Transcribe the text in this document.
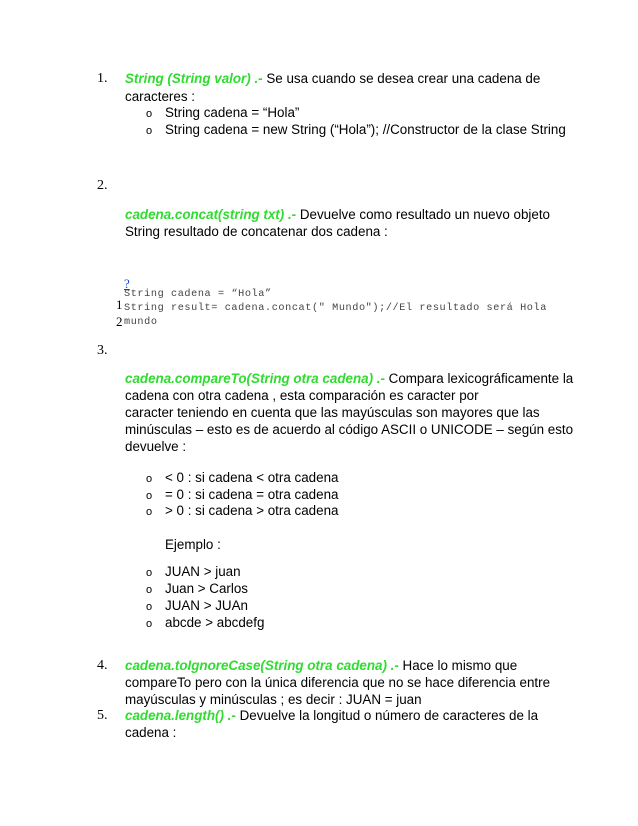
1. String (String valor) .- Se usa cuando se desea crear una cadena de
caracteres :
o String cadena = “Hola”
o String cadena = new String (“Hola”); //Constructor de la clase String
2.
cadena.concat(string txt) .- Devuelve como resultado un nuevo objeto
String resultado de concatenar dos cadena :
?
1
String cadena = “Hola”
2
String result= cadena.concat(" Mundo");//El resultado será Hola
mundo
3.
cadena.compareTo(String otra cadena) .- Compara lexicográficamente la
cadena con otra cadena , esta comparación es caracter por
caracter teniendo en cuenta que las mayúsculas son mayores que las
minúsculas – esto es de acuerdo al código ASCII o UNICODE – según esto
devuelve :
o < 0 : si cadena < otra cadena
o = 0 : si cadena = otra cadena
o > 0 : si cadena > otra cadena
Ejemplo :
o JUAN > juan
o Juan > Carlos
o JUAN > JUAn
o abcde > abcdefg
4. cadena.toIgnoreCase(String otra cadena) .- Hace lo mismo que
compareTo pero con la única diferencia que no se hace diferencia entre
mayúsculas y minúsculas ; es decir : JUAN = juan
5. cadena.length() .- Devuelve la longitud o número de caracteres de la
cadena :
